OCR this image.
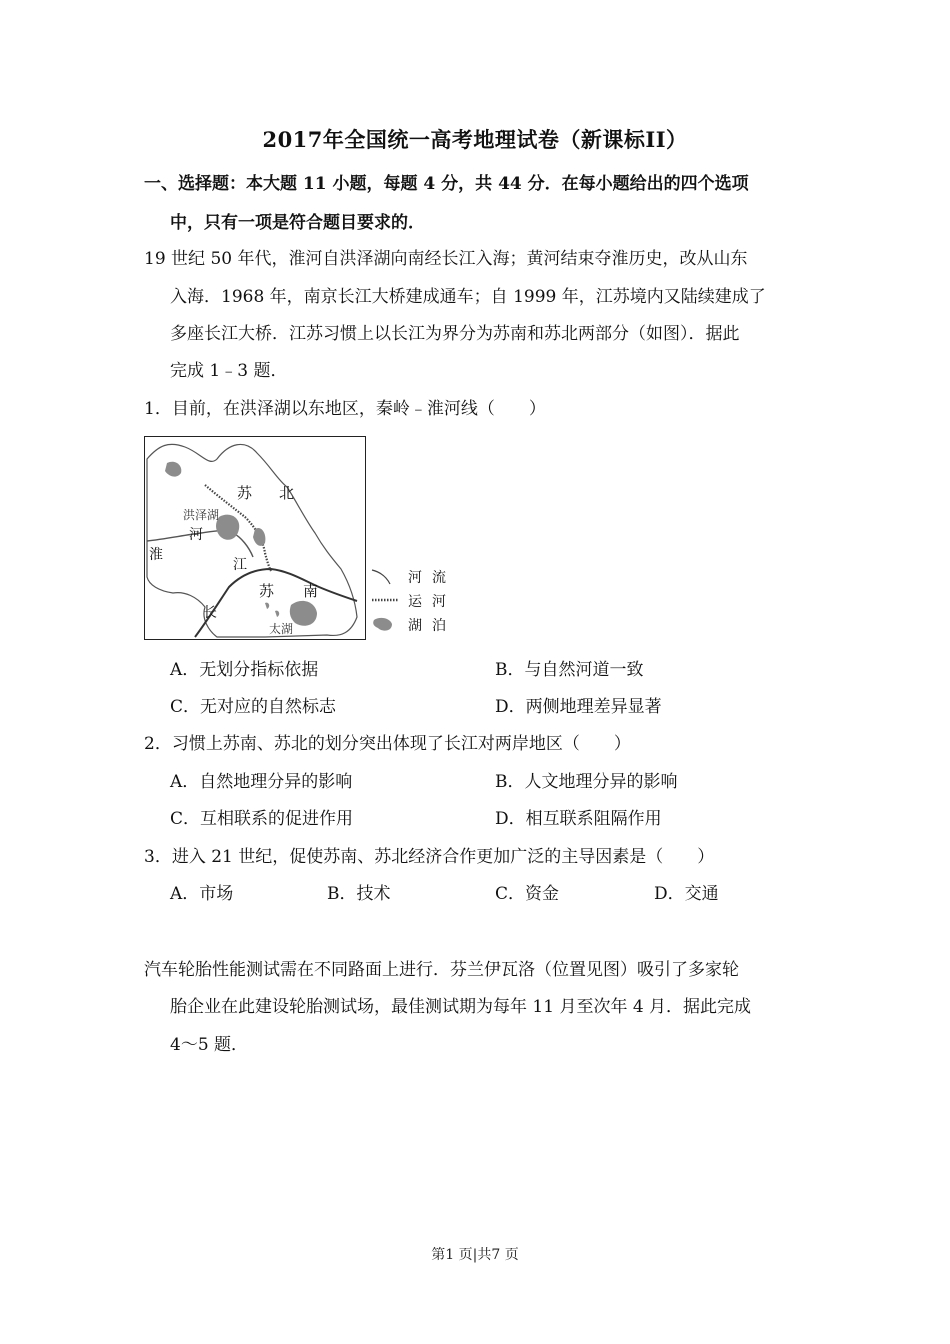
2017年全国统一高考地理试卷（新课标II）
一、选择题：本大题 11 小题，每题 4 分，共 44 分．在每小题给出的四个选项
中，只有一项是符合题目要求的．
19 世纪 50 年代，淮河自洪泽湖向南经长江入海；黄河结束夺淮历史，改从山东
入海．1968 年，南京长江大桥建成通车；自 1999 年，江苏境内又陆续建成了
多座长江大桥．江苏习惯上以长江为界分为苏南和苏北两部分（如图）．据此
完成 1﹣3 题．
1．目前，在洪泽湖以东地区，秦岭﹣淮河线（　　）
苏 北
洪泽湖
河
淮
江
苏 南
长
太湖
河流
运河
湖泊
A．无划分指标依据	B．与自然河道一致
C．无对应的自然标志	D．两侧地理差异显著
2．习惯上苏南、苏北的划分突出体现了长江对两岸地区（　　）
A．自然地理分异的影响	B．人文地理分异的影响
C．互相联系的促进作用	D．相互联系阻隔作用
3．进入 21 世纪，促使苏南、苏北经济合作更加广泛的主导因素是（　　）
A．市场	B．技术	C．资金	D．交通
汽车轮胎性能测试需在不同路面上进行．芬兰伊瓦洛（位置见图）吸引了多家轮
胎企业在此建设轮胎测试场，最佳测试期为每年 11 月至次年 4 月．据此完成
4～5 题．
第1 页|共7 页
